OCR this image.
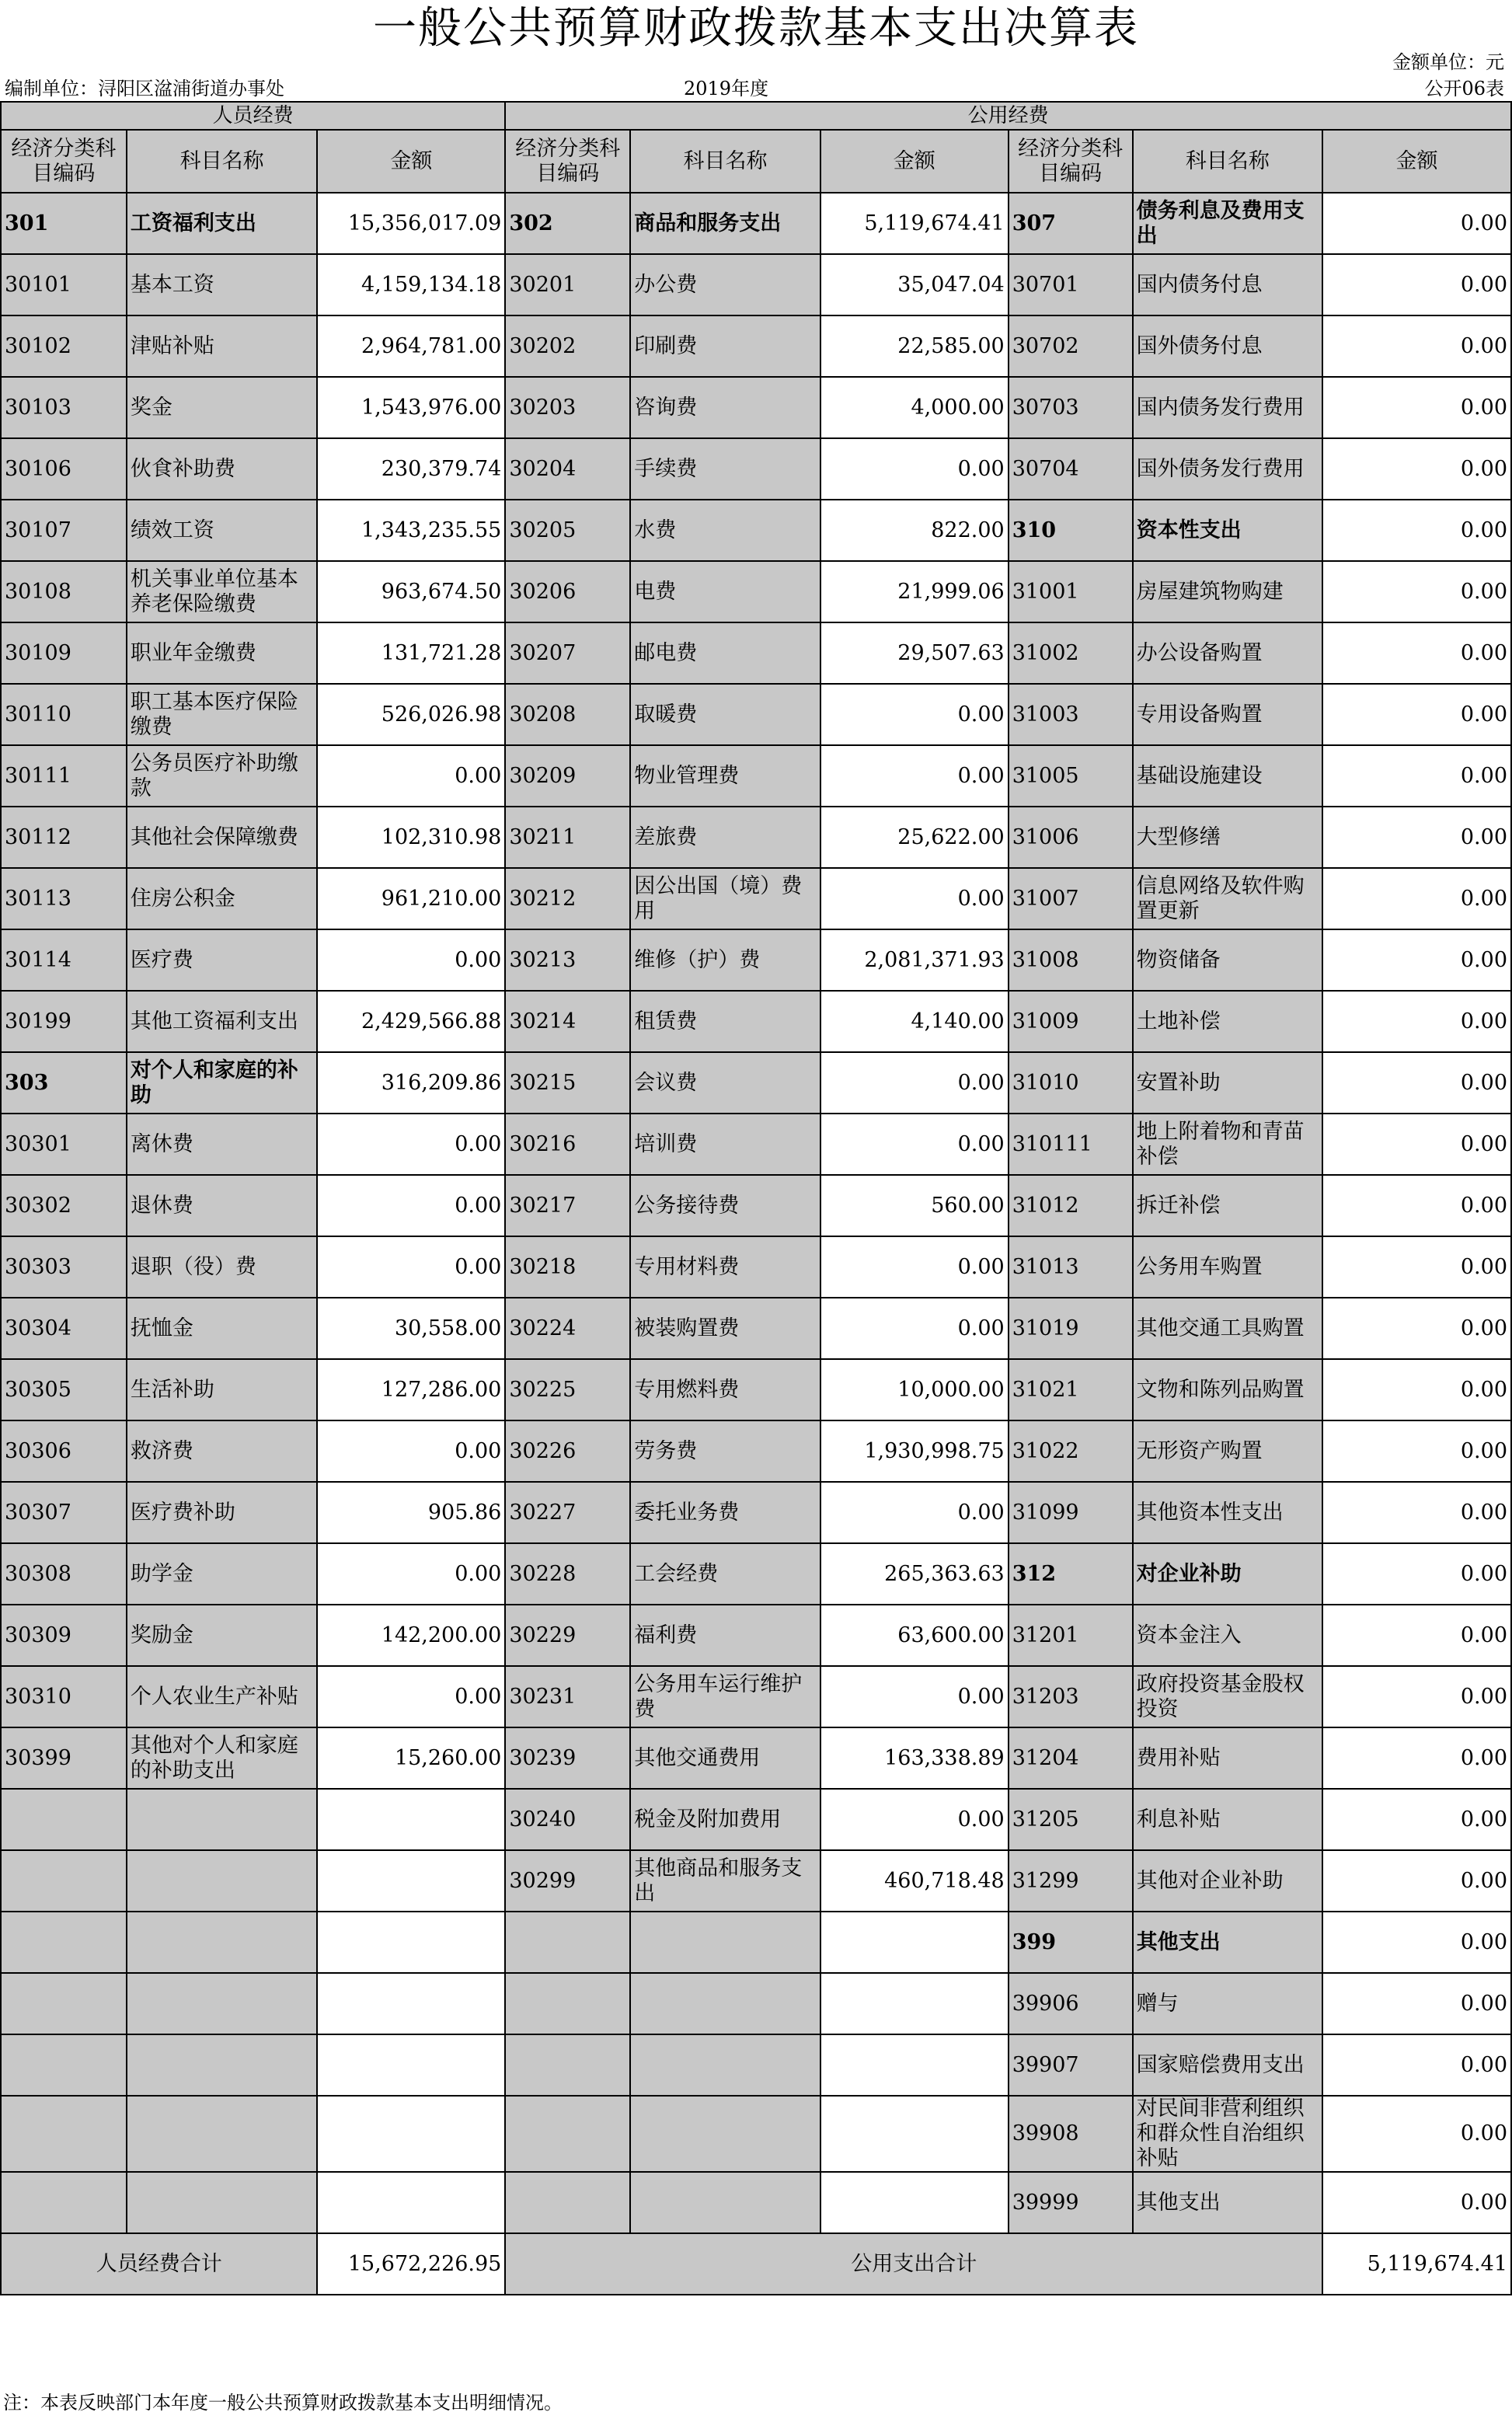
一般公共预算财政拨款基本支出决算表
金额单位：元
编制单位：浔阳区湓浦街道办事处	2019年度	公开06表
人员经费			公用经费					
经济分类科目编码	科目名称	金额	经济分类科目编码	科目名称	金额	经济分类科目编码	科目名称	金额
301	工资福利支出	15,356,017.09	302	商品和服务支出	5,119,674.41	307	债务利息及费用支出	0.00
30101	基本工资	4,159,134.18	30201	办公费	35,047.04	30701	国内债务付息	0.00
30102	津贴补贴	2,964,781.00	30202	印刷费	22,585.00	30702	国外债务付息	0.00
30103	奖金	1,543,976.00	30203	咨询费	4,000.00	30703	国内债务发行费用	0.00
30106	伙食补助费	230,379.74	30204	手续费	0.00	30704	国外债务发行费用	0.00
30107	绩效工资	1,343,235.55	30205	水费	822.00	310	资本性支出	0.00
30108	机关事业单位基本养老保险缴费	963,674.50	30206	电费	21,999.06	31001	房屋建筑物购建	0.00
30109	职业年金缴费	131,721.28	30207	邮电费	29,507.63	31002	办公设备购置	0.00
30110	职工基本医疗保险缴费	526,026.98	30208	取暖费	0.00	31003	专用设备购置	0.00
30111	公务员医疗补助缴款	0.00	30209	物业管理费	0.00	31005	基础设施建设	0.00
30112	其他社会保障缴费	102,310.98	30211	差旅费	25,622.00	31006	大型修缮	0.00
30113	住房公积金	961,210.00	30212	因公出国（境）费用	0.00	31007	信息网络及软件购置更新	0.00
30114	医疗费	0.00	30213	维修（护）费	2,081,371.93	31008	物资储备	0.00
30199	其他工资福利支出	2,429,566.88	30214	租赁费	4,140.00	31009	土地补偿	0.00
303	对个人和家庭的补助	316,209.86	30215	会议费	0.00	31010	安置补助	0.00
30301	离休费	0.00	30216	培训费	0.00	310111	地上附着物和青苗补偿	0.00
30302	退休费	0.00	30217	公务接待费	560.00	31012	拆迁补偿	0.00
30303	退职（役）费	0.00	30218	专用材料费	0.00	31013	公务用车购置	0.00
30304	抚恤金	30,558.00	30224	被装购置费	0.00	31019	其他交通工具购置	0.00
30305	生活补助	127,286.00	30225	专用燃料费	10,000.00	31021	文物和陈列品购置	0.00
30306	救济费	0.00	30226	劳务费	1,930,998.75	31022	无形资产购置	0.00
30307	医疗费补助	905.86	30227	委托业务费	0.00	31099	其他资本性支出	0.00
30308	助学金	0.00	30228	工会经费	265,363.63	312	对企业补助	0.00
30309	奖励金	142,200.00	30229	福利费	63,600.00	31201	资本金注入	0.00
30310	个人农业生产补贴	0.00	30231	公务用车运行维护费	0.00	31203	政府投资基金股权投资	0.00
30399	其他对个人和家庭的补助支出	15,260.00	30239	其他交通费用	163,338.89	31204	费用补贴	0.00
			30240	税金及附加费用	0.00	31205	利息补贴	0.00
			30299	其他商品和服务支出	460,718.48	31299	其他对企业补助	0.00
						399	其他支出	0.00
						39906	赠与	0.00
						39907	国家赔偿费用支出	0.00
						39908	对民间非营利组织和群众性自治组织补贴	0.00
						39999	其他支出	0.00
人员经费合计		15,672,226.95	公用支出合计					5,119,674.41
注：本表反映部门本年度一般公共预算财政拨款基本支出明细情况。
